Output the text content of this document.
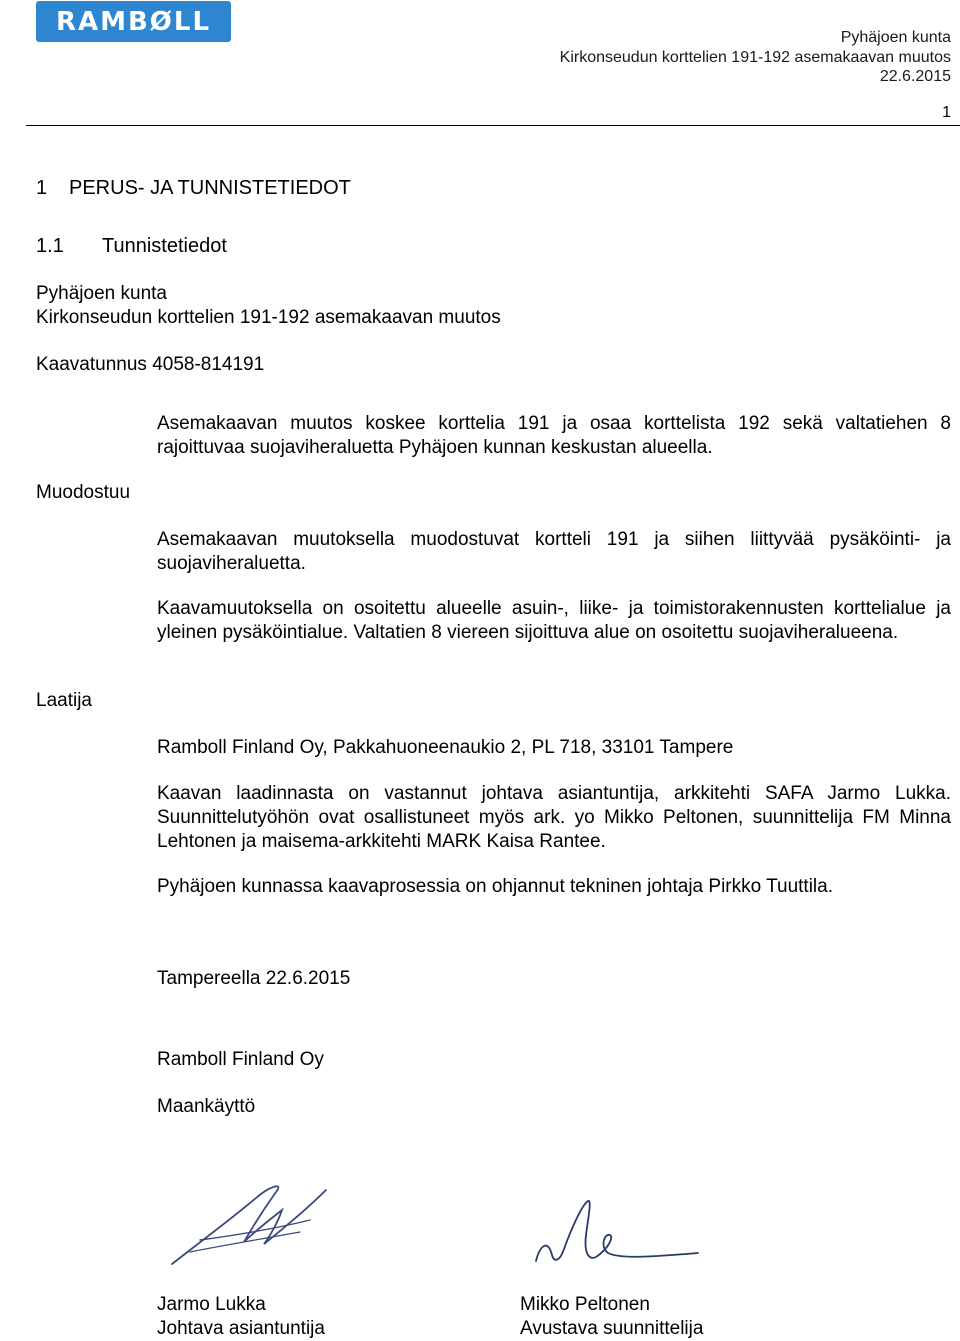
RAMBØLL
Pyhäjoen kunta
Kirkonseudun korttelien 191-192 asemakaavan muutos
22.6.2015
1
1 PERUS- JA TUNNISTETIEDOT
1.1 Tunnistetiedot
Pyhäjoen kunta
Kirkonseudun korttelien 191-192 asemakaavan muutos
Kaavatunnus 4058-814191
Muodostuu
Laatija
Asemakaavan muutos koskee korttelia 191 ja osaa korttelista 192 sekä valtatiehen 8 rajoittuvaa suojaviheraluetta Pyhäjoen kunnan keskustan alueella.
Asemakaavan muutoksella muodostuvat kortteli 191 ja siihen liittyvää pysäköinti- ja suojaviheraluetta.
Kaavamuutoksella on osoitettu alueelle asuin-, liike- ja toimistorakennusten korttelialue ja yleinen pysäköintialue. Valtatien 8 viereen sijoittuva alue on osoitettu suojaviheralueena.
Ramboll Finland Oy, Pakkahuoneenaukio 2, PL 718, 33101 Tampere
Kaavan laadinnasta on vastannut johtava asiantuntija, arkkitehti SAFA Jarmo Lukka. Suunnittelutyöhön ovat osallistuneet myös ark. yo Mikko Peltonen, suunnittelija FM Minna Lehtonen ja maisema-arkkitehti MARK Kaisa Rantee.
Pyhäjoen kunnassa kaavaprosessia on ohjannut tekninen johtaja Pirkko Tuuttila.
Tampereella 22.6.2015
Ramboll Finland Oy
Maankäyttö
Jarmo Lukka
Johtava asiantuntija
Mikko Peltonen
Avustava suunnittelija
